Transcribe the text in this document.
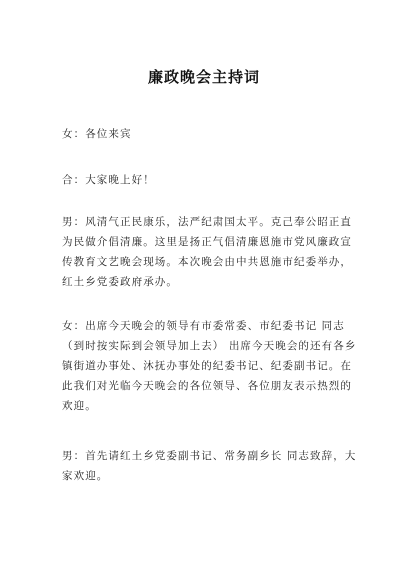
廉政晚会主持词

女：各位来宾

合：大家晚上好！

男：风清气正民康乐，法严纪肃国太平。克己奉公昭正直
为民做介倡清廉。这里是扬正气倡清廉恩施市党风廉政宣
传教育文艺晚会现场。本次晚会由中共恩施市纪委举办，
红土乡党委政府承办。

女：出席今天晚会的领导有市委常委、市纪委书记 同志
（到时按实际到会领导加上去） 出席今天晚会的还有各乡
镇街道办事处、沐抚办事处的纪委书记、纪委副书记。在
此我们对光临今天晚会的各位领导、各位朋友表示热烈的
欢迎。

男：首先请红土乡党委副书记、常务副乡长 同志致辞，大
家欢迎。
